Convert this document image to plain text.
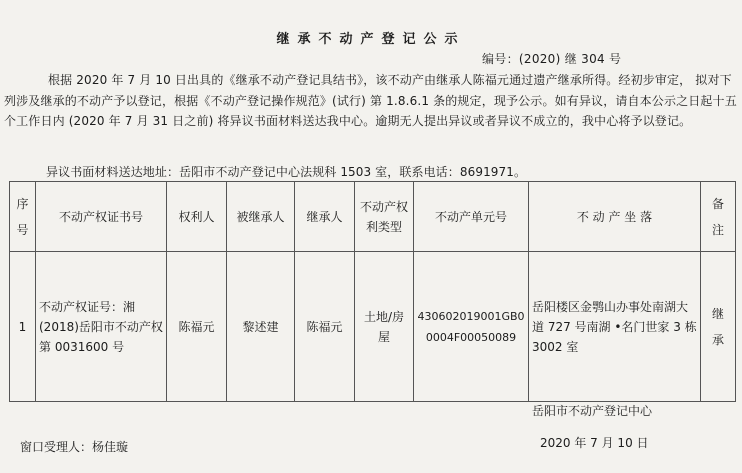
继承不动产登记公示
编号：(2020) 继 304 号
根据 2020 年 7 月 10 日出具的《继承不动产登记具结书》，该不动产由继承人陈福元通过遗产继承所得。经初步审定， 拟对下列涉及继承的不动产予以登记，根据《不动产登记操作规范》(试行) 第 1.8.6.1 条的规定，现予公示。如有异议，请自本公示之日起十五个工作日内 (2020 年 7 月 31 日之前) 将异议书面材料送达我中心。逾期无人提出异议或者异议不成立的，我中心将予以登记。
异议书面材料送达地址：岳阳市不动产登记中心法规科 1503 室，联系电话：8691971。
序号	不动产权证书号	权利人	被继承人	继承人	不动产权利类型	不动产单元号	不 动 产 坐 落	备注

1	不动产权证号：湘(2018)岳阳市不动产权第 0031600 号	陈福元	黎述建	陈福元	土地/房屋	430602019001GB00004F00050089	岳阳楼区金鹗山办事处南湖大道 727 号南湖 •名门世家 3 栋 3002 室	继承
岳阳市不动产登记中心
窗口受理人：杨佳璇	2020 年 7 月 10 日
